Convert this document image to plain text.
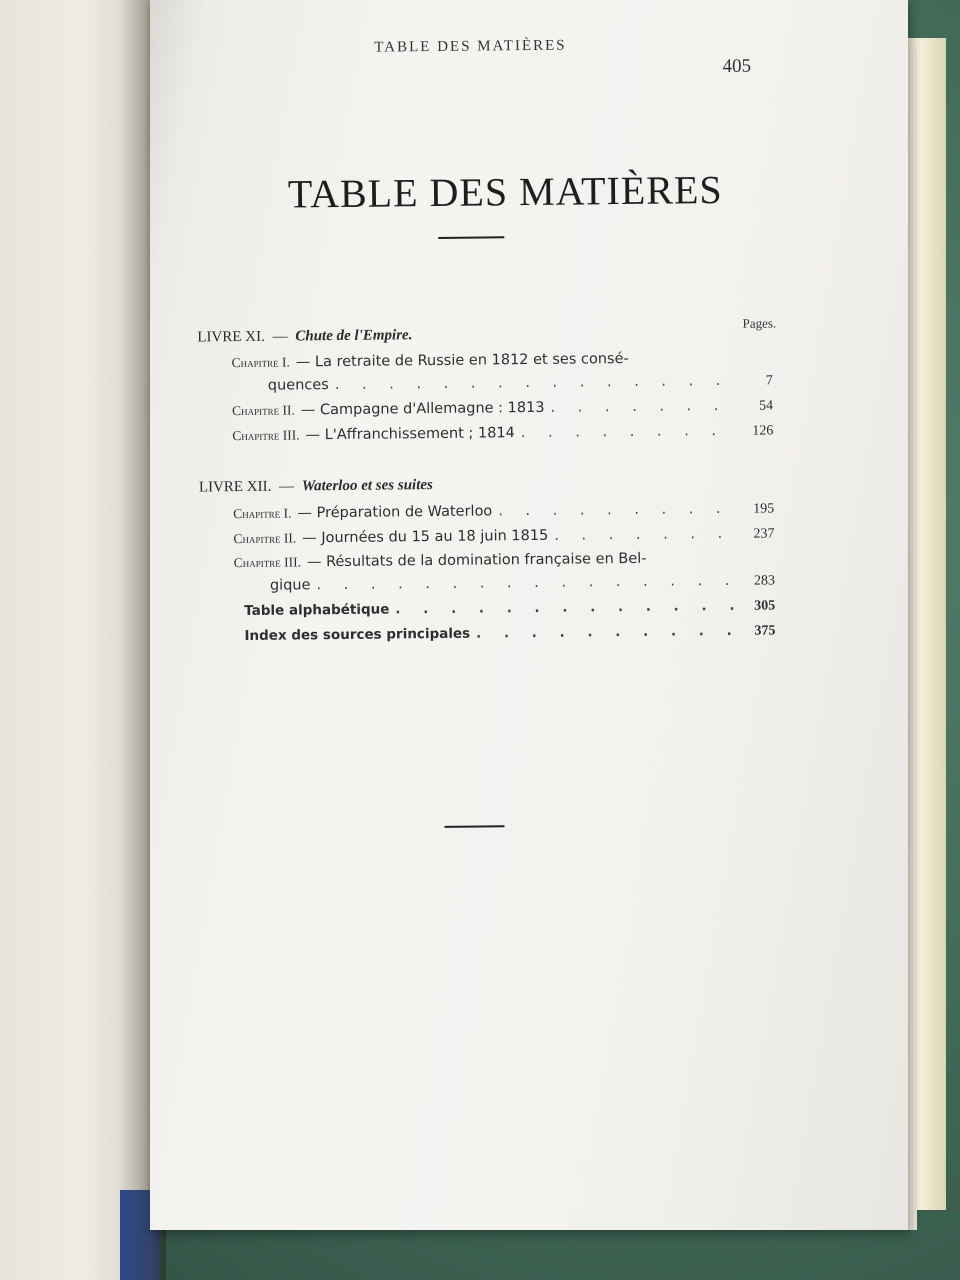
TABLE DES MATIÈRES
405
TABLE DES MATIÈRES
Pages.
LIVRE XI. — Chute de l'Empire.
Chapitre I. — La retraite de Russie en 1812 et ses consé-
quences . . .	7
Chapitre II. — Campagne d'Allemagne : 1813 . . .	54
Chapitre III. — L'Affranchissement ; 1814 . . .	126
LIVRE XII. — Waterloo et ses suites
Chapitre I. — Préparation de Waterloo . . .	195
Chapitre II. — Journées du 15 au 18 juin 1815 . . .	237
Chapitre III. — Résultats de la domination française en Bel-
gique . . .	283
Table alphabétique . . .	305
Index des sources principales . . .	375
